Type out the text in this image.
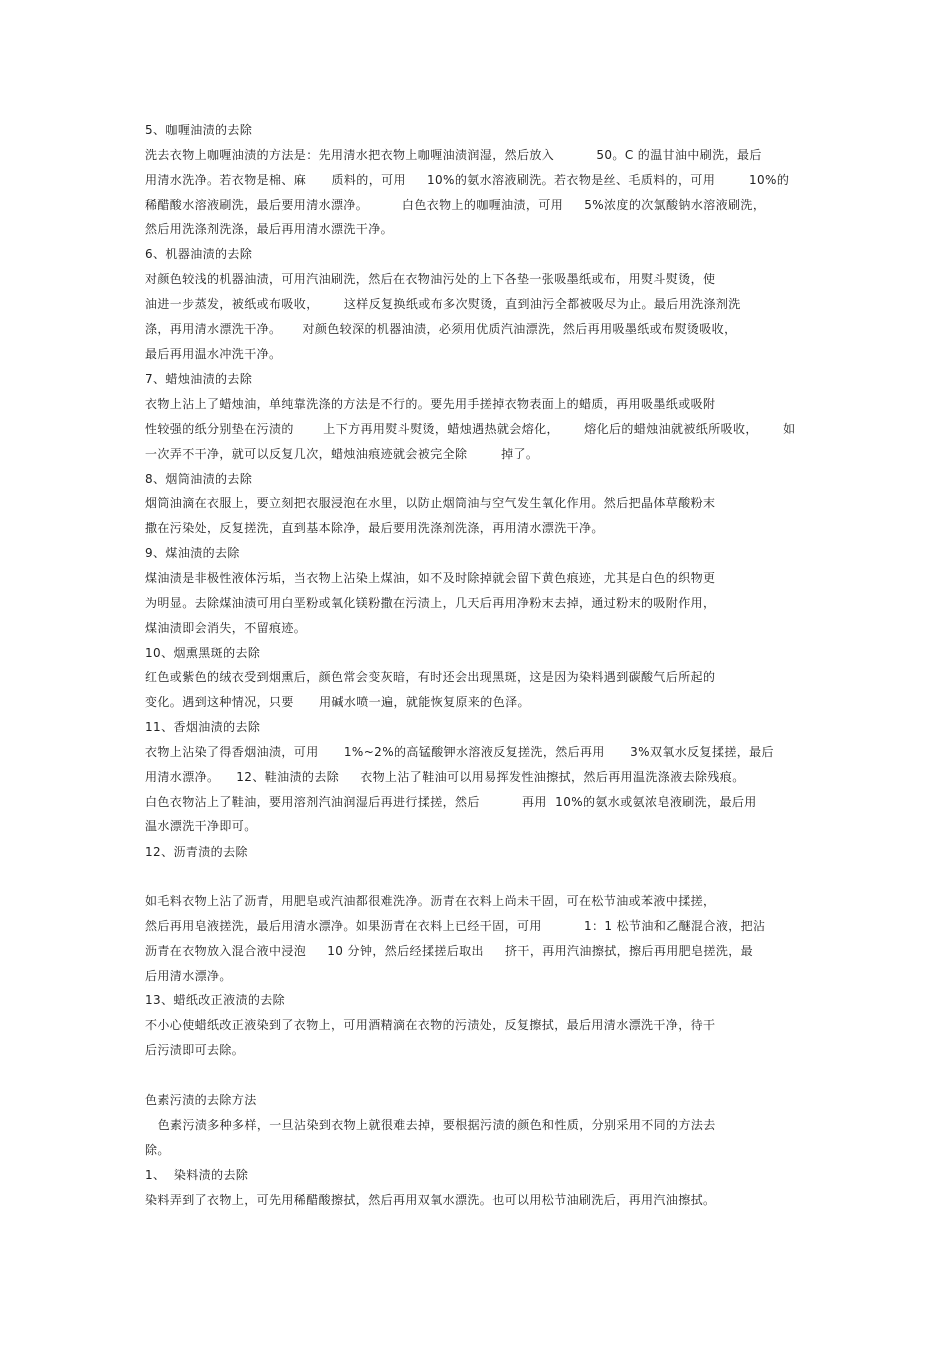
5、咖喱油渍的去除
洗去衣物上咖喱油渍的方法是：先用清水把衣物上咖喱油渍润湿，然后放入          50。C 的温甘油中刷洗，最后
用清水洗净。若衣物是棉、麻      质料的，可用     10%的氨水溶液刷洗。若衣物是丝、毛质料的，可用        10%的
稀醋酸水溶液刷洗，最后要用清水漂净。        白色衣物上的咖喱油渍，可用     5%浓度的次氯酸钠水溶液刷洗，
然后用洗涤剂洗涤，最后再用清水漂洗干净。
6、机器油渍的去除
对颜色较浅的机器油渍，可用汽油刷洗，然后在衣物油污处的上下各垫一张吸墨纸或布，用熨斗熨烫，使
油进一步蒸发，被纸或布吸收，      这样反复换纸或布多次熨烫，直到油污全都被吸尽为止。最后用洗涤剂洗
涤，再用清水漂洗干净。     对颜色较深的机器油渍，必须用优质汽油漂洗，然后再用吸墨纸或布熨烫吸收，
最后再用温水冲洗干净。
7、蜡烛油渍的去除
衣物上沾上了蜡烛油，单纯靠洗涤的方法是不行的。要先用手搓掉衣物表面上的蜡质，再用吸墨纸或吸附
性较强的纸分别垫在污渍的       上下方再用熨斗熨烫，蜡烛遇热就会熔化，      熔化后的蜡烛油就被纸所吸收，      如
一次弄不干净，就可以反复几次，蜡烛油痕迹就会被完全除        掉了。
8、烟筒油渍的去除
烟筒油滴在衣服上，要立刻把衣服浸泡在水里，以防止烟筒油与空气发生氧化作用。然后把晶体草酸粉末
撒在污染处，反复搓洗，直到基本除净，最后要用洗涤剂洗涤，再用清水漂洗干净。
9、煤油渍的去除
煤油渍是非极性液体污垢，当衣物上沾染上煤油，如不及时除掉就会留下黄色痕迹，尤其是白色的织物更
为明显。去除煤油渍可用白垩粉或氧化镁粉撒在污渍上，几天后再用净粉末去掉，通过粉末的吸附作用，
煤油渍即会消失，不留痕迹。
10、烟熏黑斑的去除
红色或紫色的绒衣受到烟熏后，颜色常会变灰暗，有时还会出现黑斑，这是因为染料遇到碳酸气后所起的
变化。遇到这种情况，只要      用碱水喷一遍，就能恢复原来的色泽。
11、香烟油渍的去除
衣物上沾染了得香烟油渍，可用      1%~2%的高锰酸钾水溶液反复搓洗，然后再用      3%双氧水反复揉搓，最后
用清水漂净。    12、鞋油渍的去除     衣物上沾了鞋油可以用易挥发性油擦拭，然后再用温洗涤液去除残痕。
白色衣物沾上了鞋油，要用溶剂汽油润湿后再进行揉搓，然后          再用  10%的氨水或氨浓皂液刷洗，最后用
温水漂洗干净即可。
12、沥青渍的去除
如毛料衣物上沾了沥青，用肥皂或汽油都很难洗净。沥青在衣料上尚未干固，可在松节油或苯液中揉搓，
然后再用皂液搓洗，最后用清水漂净。如果沥青在衣料上已经干固，可用          1：1 松节油和乙醚混合液，把沾
沥青在衣物放入混合液中浸泡     10 分钟，然后经揉搓后取出     挤干，再用汽油擦拭，擦后再用肥皂搓洗，最
后用清水漂净。
13、蜡纸改正液渍的去除
不小心使蜡纸改正液染到了衣物上，可用酒精滴在衣物的污渍处，反复擦拭，最后用清水漂洗干净，待干
后污渍即可去除。
色素污渍的去除方法
色素污渍多种多样，一旦沾染到衣物上就很难去掉，要根据污渍的颜色和性质，分别采用不同的方法去
除。
1、  染料渍的去除
染料弄到了衣物上，可先用稀醋酸擦拭，然后再用双氧水漂洗。也可以用松节油刷洗后，再用汽油擦拭。
